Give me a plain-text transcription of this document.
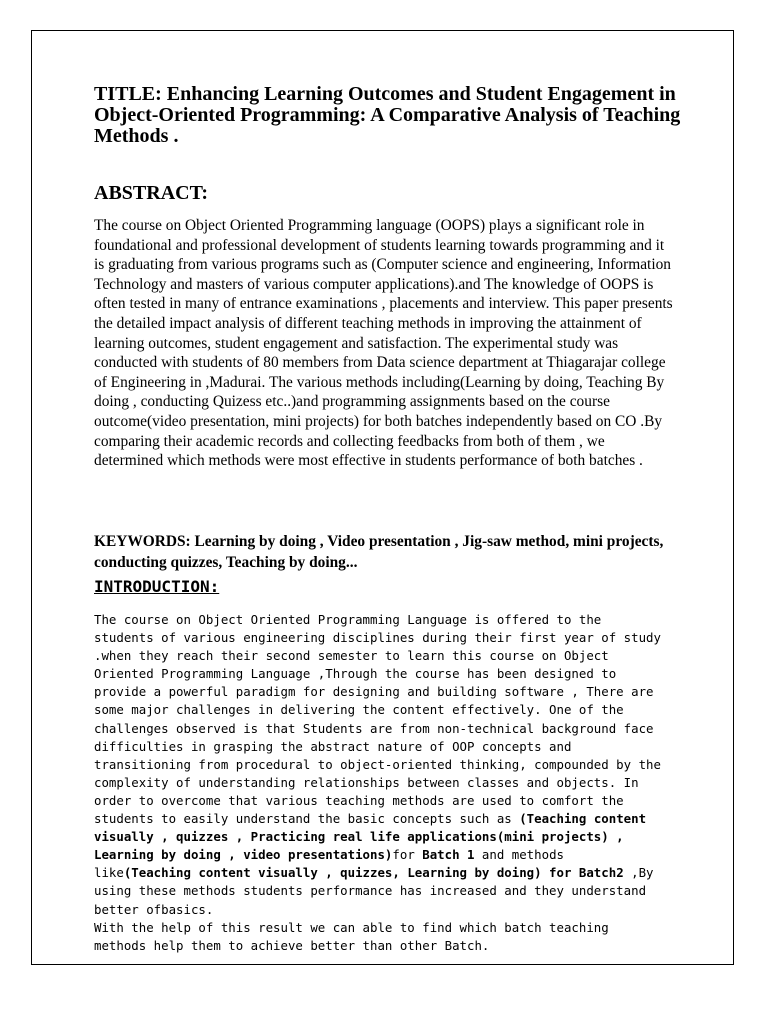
TITLE: Enhancing Learning Outcomes and Student Engagement in Object-Oriented Programming: A Comparative Analysis of Teaching Methods .
ABSTRACT:

The course on Object Oriented Programming language (OOPS) plays a significant role in foundational and professional development of students learning towards programming and it is graduating from various programs such as (Computer science and engineering, Information Technology and masters of various computer applications).and The knowledge of OOPS is often tested in many of entrance examinations , placements and interview. This paper presents the detailed impact analysis of different teaching methods in improving the attainment of learning outcomes, student engagement and satisfaction. The experimental study was conducted with students of 80 members from Data science department at Thiagarajar college of Engineering in ,Madurai. The various methods including(Learning by doing, Teaching By doing , conducting Quizess etc..)and programming assignments based on the course outcome(video presentation, mini projects) for both batches independently based on CO .By comparing their academic records and collecting feedbacks from both of them , we determined which methods were most effective in students performance of both batches .

KEYWORDS: Learning by doing , Video presentation , Jig-saw method, mini projects, conducting quizzes, Teaching by doing...

INTRODUCTION:
The course on Object Oriented Programming Language is offered to the students of various engineering disciplines during their first year of study .when they reach their second semester to learn this course on Object Oriented Programming Language ,Through the course has been designed to provide a powerful paradigm for designing and building software , There are some major challenges in delivering the content effectively. One of the challenges observed is that Students are from non-technical background face difficulties in grasping the abstract nature of OOP concepts and transitioning from procedural to object-oriented thinking, compounded by the complexity of understanding relationships between classes and objects. In order to overcome that various teaching methods are used to comfort the students to easily understand the basic concepts such as (Teaching content visually , quizzes , Practicing real life applications(mini projects) , Learning by doing , video presentations)for Batch 1 and methods like(Teaching content visually , quizzes, Learning by doing) for Batch2 ,By using these methods students performance has increased and they understand better ofbasics.
With the help of this result we can able to find which batch teaching methods help them to achieve better than other Batch.
